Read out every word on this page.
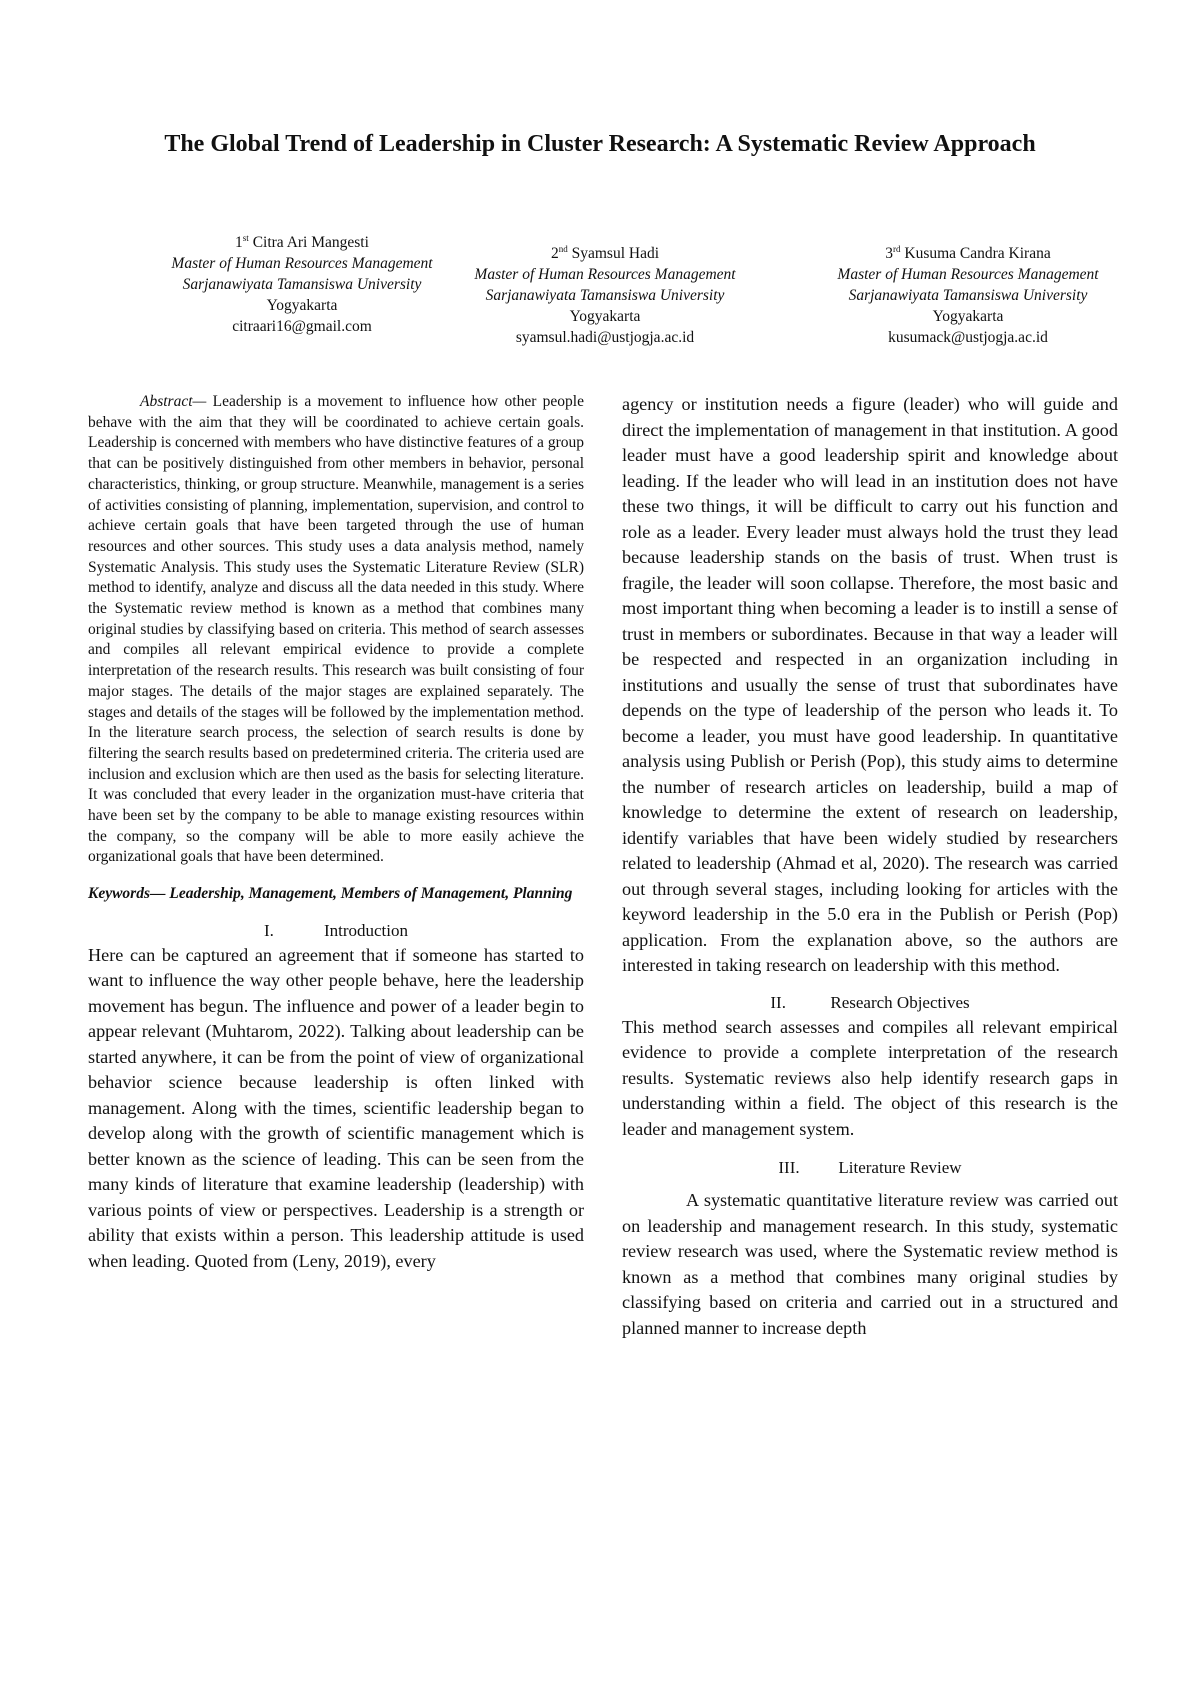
The Global Trend of Leadership in Cluster Research: A Systematic Review Approach
1st Citra Ari Mangesti
Master of Human Resources Management
Sarjanawiyata Tamansiswa University
Yogyakarta
citraari16@gmail.com
2nd Syamsul Hadi
Master of Human Resources Management
Sarjanawiyata Tamansiswa University
Yogyakarta
syamsul.hadi@ustjogja.ac.id
3rd Kusuma Candra Kirana
Master of Human Resources Management
Sarjanawiyata Tamansiswa University
Yogyakarta
kusumack@ustjogja.ac.id

Abstract— Leadership is a movement to influence how other people behave with the aim that they will be coordinated to achieve certain goals. Leadership is concerned with members who have distinctive features of a group that can be positively distinguished from other members in behavior, personal characteristics, thinking, or group structure. Meanwhile, management is a series of activities consisting of planning, implementation, supervision, and control to achieve certain goals that have been targeted through the use of human resources and other sources. This study uses a data analysis method, namely Systematic Analysis. This study uses the Systematic Literature Review (SLR) method to identify, analyze and discuss all the data needed in this study. Where the Systematic review method is known as a method that combines many original studies by classifying based on criteria. This method of search assesses and compiles all relevant empirical evidence to provide a complete interpretation of the research results. This research was built consisting of four major stages. The details of the major stages are explained separately. The stages and details of the stages will be followed by the implementation method. In the literature search process, the selection of search results is done by filtering the search results based on predetermined criteria. The criteria used are inclusion and exclusion which are then used as the basis for selecting literature. It was concluded that every leader in the organization must-have criteria that have been set by the company to be able to manage existing resources within the company, so the company will be able to more easily achieve the organizational goals that have been determined.

Keywords— Leadership, Management, Members of Management, Planning

I.	Introduction

Here can be captured an agreement that if someone has started to want to influence the way other people behave, here the leadership movement has begun. The influence and power of a leader begin to appear relevant (Muhtarom, 2022). Talking about leadership can be started anywhere, it can be from the point of view of organizational behavior science because leadership is often linked with management. Along with the times, scientific leadership began to develop along with the growth of scientific management which is better known as the science of leading. This can be seen from the many kinds of literature that examine leadership (leadership) with various points of view or perspectives. Leadership is a strength or ability that exists within a person. This leadership attitude is used when leading. Quoted from (Leny, 2019), every

agency or institution needs a figure (leader) who will guide and direct the implementation of management in that institution. A good leader must have a good leadership spirit and knowledge about leading. If the leader who will lead in an institution does not have these two things, it will be difficult to carry out his function and role as a leader. Every leader must always hold the trust they lead because leadership stands on the basis of trust. When trust is fragile, the leader will soon collapse. Therefore, the most basic and most important thing when becoming a leader is to instill a sense of trust in members or subordinates. Because in that way a leader will be respected and respected in an organization including in institutions and usually the sense of trust that subordinates have depends on the type of leadership of the person who leads it. To become a leader, you must have good leadership. In quantitative analysis using Publish or Perish (Pop), this study aims to determine the number of research articles on leadership, build a map of knowledge to determine the extent of research on leadership, identify variables that have been widely studied by researchers related to leadership (Ahmad et al, 2020). The research was carried out through several stages, including looking for articles with the keyword leadership in the 5.0 era in the Publish or Perish (Pop) application. From the explanation above, so the authors are interested in taking research on leadership with this method.

II.	Research Objectives

This method search assesses and compiles all relevant empirical evidence to provide a complete interpretation of the research results. Systematic reviews also help identify research gaps in understanding within a field. The object of this research is the leader and management system.

III. Literature Review

A systematic quantitative literature review was carried out on leadership and management research. In this study, systematic review research was used, where the Systematic review method is known as a method that combines many original studies by classifying based on criteria and carried out in a structured and planned manner to increase depth
